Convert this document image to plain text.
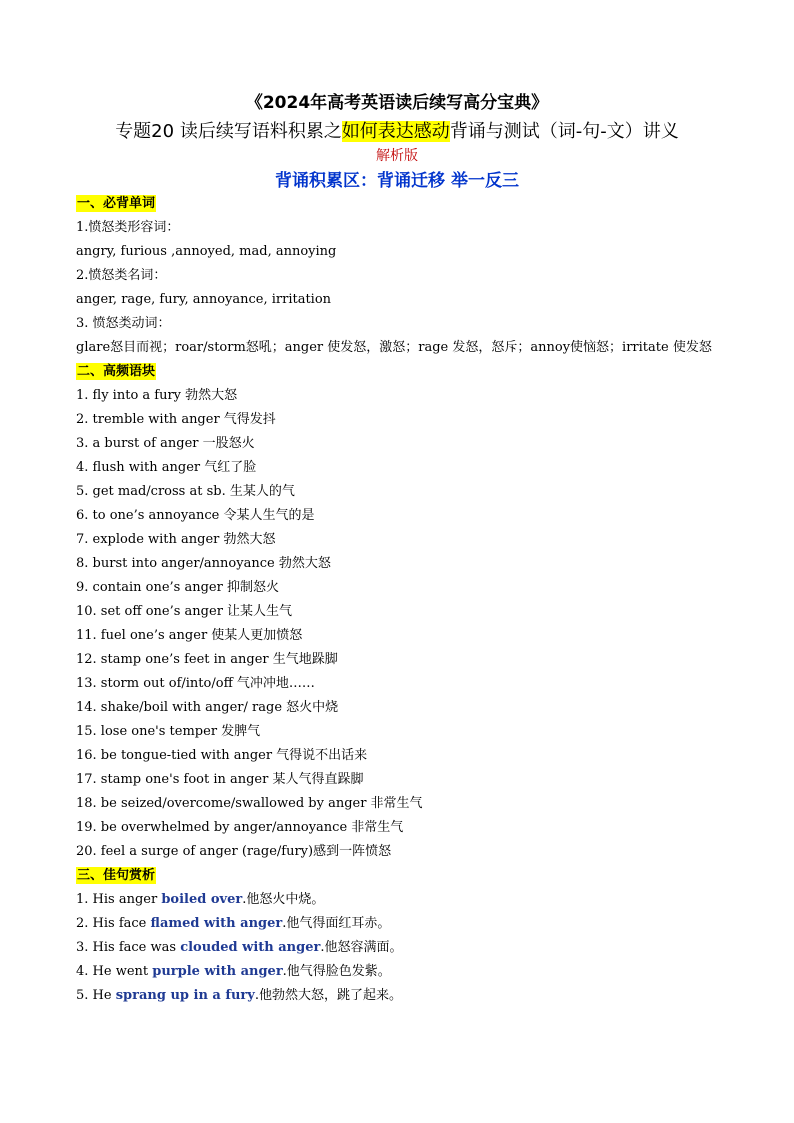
《2024年高考英语读后续写高分宝典》
专题20 读后续写语料积累之如何表达感动背诵与测试（词-句-文）讲义
解析版
背诵积累区：背诵迁移 举一反三
一、必背单词
1.愤怒类形容词：
angry, furious ,annoyed, mad, annoying
2.愤怒类名词：
anger, rage, fury, annoyance, irritation
3. 愤怒类动词：
glare怒目而视；roar/storm怒吼；anger 使发怒，激怒；rage 发怒，怒斥；annoy使恼怒；irritate 使发怒
二、高频语块
1. fly into a fury 勃然大怒
2. tremble with anger 气得发抖
3. a burst of anger 一股怒火
4. flush with anger 气红了脸
5. get mad/cross at sb. 生某人的气
6. to one’s annoyance 令某人生气的是
7. explode with anger 勃然大怒
8. burst into anger/annoyance 勃然大怒
9. contain one’s anger 抑制怒火
10. set off one’s anger 让某人生气
11. fuel one’s anger 使某人更加愤怒
12. stamp one’s feet in anger 生气地跺脚
13. storm out of/into/off 气冲冲地……
14. shake/boil with anger/ rage 怒火中烧
15. lose one's temper 发脾气
16. be tongue-tied with anger 气得说不出话来
17. stamp one's foot in anger 某人气得直跺脚
18. be seized/overcome/swallowed by anger 非常生气
19. be overwhelmed by anger/annoyance 非常生气
20. feel a surge of anger (rage/fury)感到一阵愤怒
三、佳句赏析
1. His anger boiled over.他怒火中烧。
2. His face flamed with anger.他气得面红耳赤。
3. His face was clouded with anger.他怒容满面。
4. He went purple with anger.他气得脸色发紫。
5. He sprang up in a fury.他勃然大怒，跳了起来。
